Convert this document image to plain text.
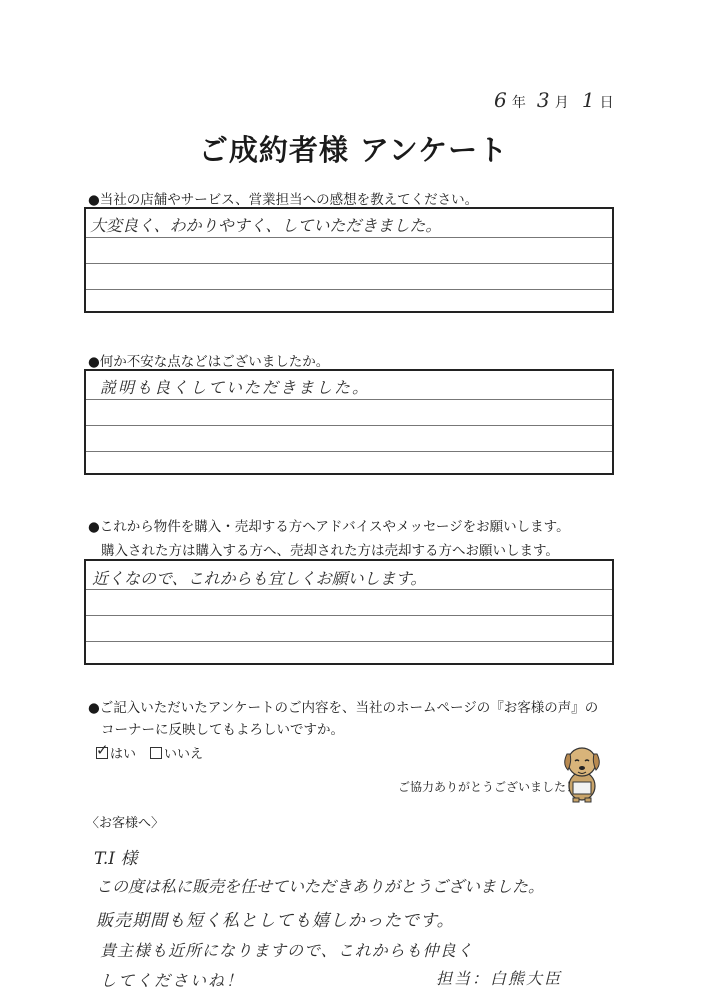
6 年 3 月 1 日
ご成約者様 アンケート
●当社の店舗やサービス、営業担当への感想を教えてください。
大変良く、わかりやすく、していただきました。
●何か不安な点などはございましたか。
説明も良くしていただきました。
●これから物件を購入・売却する方へアドバイスやメッセージをお願いします。
購入された方は購入する方へ、売却された方は売却する方へお願いします。
近くなので、これからも宜しくお願いします。
●ご記入いただいたアンケートのご内容を、当社のホームページの『お客様の声』の
コーナーに反映してもよろしいですか。
✓ はい	いいえ
ご協力ありがとうございました！
〈お客様へ〉
T.I 様
この度は私に販売を任せていただきありがとうございました。
販売期間も短く私としても嬉しかったです。
貴主様も近所になりますので、これからも仲良く
してくださいね！	担当：白熊大臣
